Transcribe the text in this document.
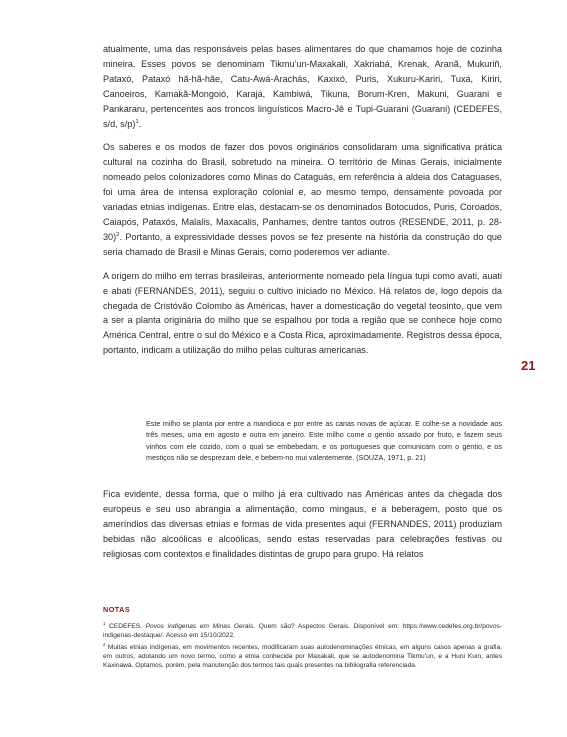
atualmente, uma das responsáveis pelas bases alimentares do que chamamos hoje de cozinha mineira. Esses povos se denominam Tikmu’un-Maxakali, Xakriabá, Krenak, Aranã, Mukuriñ, Pataxó, Pataxó hã-hã-hãe, Catu-Awá-Arachás, Kaxixó, Puris, Xukuru-Kariri, Tuxá, Kiriri, Canoeiros, Kamakã-Mongoió, Karajá, Kambiwá, Tikuna, Borum-Kren, Makuni, Guarani e Pankararu, pertencentes aos troncos linguísticos Macro-Jê e Tupi-Guarani (Guarani) (CEDEFES, s/d, s/p)$^1$.

Os saberes e os modos de fazer dos povos originários consolidaram uma significativa prática cultural na cozinha do Brasil, sobretudo na mineira. O território de Minas Gerais, inicialmente nomeado pelos colonizadores como Minas do Cataguás, em referência à aldeia dos Cataguases, foi uma área de intensa exploração colonial e, ao mesmo tempo, densamente povoada por variadas etnias indígenas. Entre elas, destacam-se os denominados Botocudos, Puris, Coroados, Caiapós, Pataxós, Malalis, Maxacalis, Panhames, dentre tantos outros (RESENDE, 2011, p. 28-30)$^2$. Portanto, a expressividade desses povos se fez presente na história da construção do que seria chamado de Brasil e Minas Gerais, como poderemos ver adiante.

A origem do milho em terras brasileiras, anteriormente nomeado pela língua tupi como avati, auati e abati (FERNANDES, 2011), seguiu o cultivo iniciado no México. Há relatos de, logo depois da chegada de Cristóvão Colombo às Américas, haver a domesticação do vegetal teosinto, que vem a ser a planta originária do milho que se espalhou por toda a região que se conhece hoje como América Central, entre o sul do México e a Costa Rica, aproximadamente. Registros dessa época, portanto, indicam a utilização do milho pelas culturas americanas.

Este milho se planta por entre a mandioca e por entre as canas novas de açúcar. E colhe-se a novidade aos três meses, uma em agosto e outra em janeiro. Este milho come o gentio assado por fruto, e fazem seus vinhos com ele cozido, com o qual se embebedam, e os portugueses que comunicam com o gentio, e os mestiços não se desprezam dele, e bebem-no mui valentemente. (SOUZA, 1971, p. 21)

Fica evidente, dessa forma, que o milho já era cultivado nas Américas antes da chegada dos europeus e seu uso abrangia a alimentação, como mingaus, e a beberagem, posto que os ameríndios das diversas etnias e formas de vida presentes aqui (FERNANDES, 2011) produziam bebidas não alcoólicas e alcoólicas, sendo estas reservadas para celebrações festivas ou religiosas com contextos e finalidades distintas de grupo para grupo. Há relatos

21
NOTAS

$^1$ CEDEFES. Povos indígenas em Minas Gerais. Quem são? Aspectos Gerais. Disponível em: https://www.cedefes.org.br/povos-indigenas-destaque/. Acesso em 15/10/2022.

$^2$ Muitas etnias indígenas, em movimentos recentes, modificaram suas autodenominações étnicas, em alguns casos apenas a grafia, em outros, adotando um novo termo, como a etnia conhecida por Maxakali, que se autodenomina Tikmu’un, e a Huni Kuin, antes Kaxinawá. Optamos, porém, pela manutenção dos termos tais quais presentes na bibliografia referenciada.
